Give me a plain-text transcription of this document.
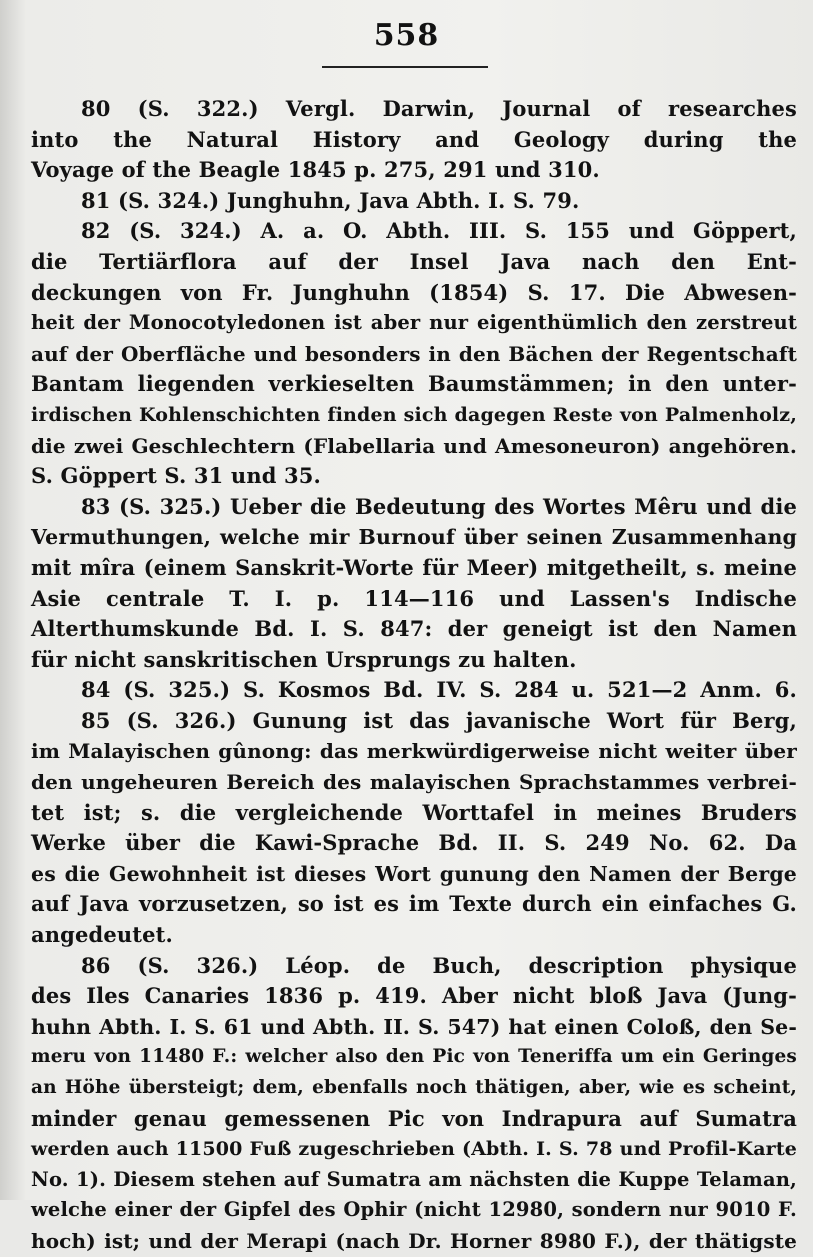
558
80 (S. 322.) Vergl. Darwin, Journal of researches
into the Natural History and Geology during the
Voyage of the Beagle 1845 p. 275, 291 und 310.
81 (S. 324.) Junghuhn, Java Abth. I. S. 79.
82 (S. 324.) A. a. O. Abth. III. S. 155 und Göppert,
die Tertiärflora auf der Insel Java nach den Ent-
deckungen von Fr. Junghuhn (1854) S. 17. Die Abwesen-
heit der Monocotyledonen ist aber nur eigenthümlich den zerstreut
auf der Oberfläche und besonders in den Bächen der Regentschaft
Bantam liegenden verkieselten Baumstämmen; in den unter-
irdischen Kohlenschichten finden sich dagegen Reste von Palmenholz,
die zwei Geschlechtern (Flabellaria und Amesoneuron) angehören.
S. Göppert S. 31 und 35.
83 (S. 325.) Ueber die Bedeutung des Wortes Mêru und die
Vermuthungen, welche mir Burnouf über seinen Zusammenhang
mit mîra (einem Sanskrit-Worte für Meer) mitgetheilt, s. meine
Asie centrale T. I. p. 114—116 und Lassen's Indische
Alterthumskunde Bd. I. S. 847: der geneigt ist den Namen
für nicht sanskritischen Ursprungs zu halten.
84 (S. 325.) S. Kosmos Bd. IV. S. 284 u. 521—2 Anm. 6.
85 (S. 326.) Gunung ist das javanische Wort für Berg,
im Malayischen gûnong: das merkwürdigerweise nicht weiter über
den ungeheuren Bereich des malayischen Sprachstammes verbrei-
tet ist; s. die vergleichende Worttafel in meines Bruders
Werke über die Kawi-Sprache Bd. II. S. 249 No. 62. Da
es die Gewohnheit ist dieses Wort gunung den Namen der Berge
auf Java vorzusetzen, so ist es im Texte durch ein einfaches G.
angedeutet.
86 (S. 326.) Léop. de Buch, description physique
des Iles Canaries 1836 p. 419. Aber nicht bloß Java (Jung-
huhn Abth. I. S. 61 und Abth. II. S. 547) hat einen Coloß, den Se-
meru von 11480 F.: welcher also den Pic von Teneriffa um ein Geringes
an Höhe übersteigt; dem, ebenfalls noch thätigen, aber, wie es scheint,
minder genau gemessenen Pic von Indrapura auf Sumatra
werden auch 11500 Fuß zugeschrieben (Abth. I. S. 78 und Profil-Karte
No. 1). Diesem stehen auf Sumatra am nächsten die Kuppe Telaman,
welche einer der Gipfel des Ophir (nicht 12980, sondern nur 9010 F.
hoch) ist; und der Merapi (nach Dr. Horner 8980 F.), der thätigste
